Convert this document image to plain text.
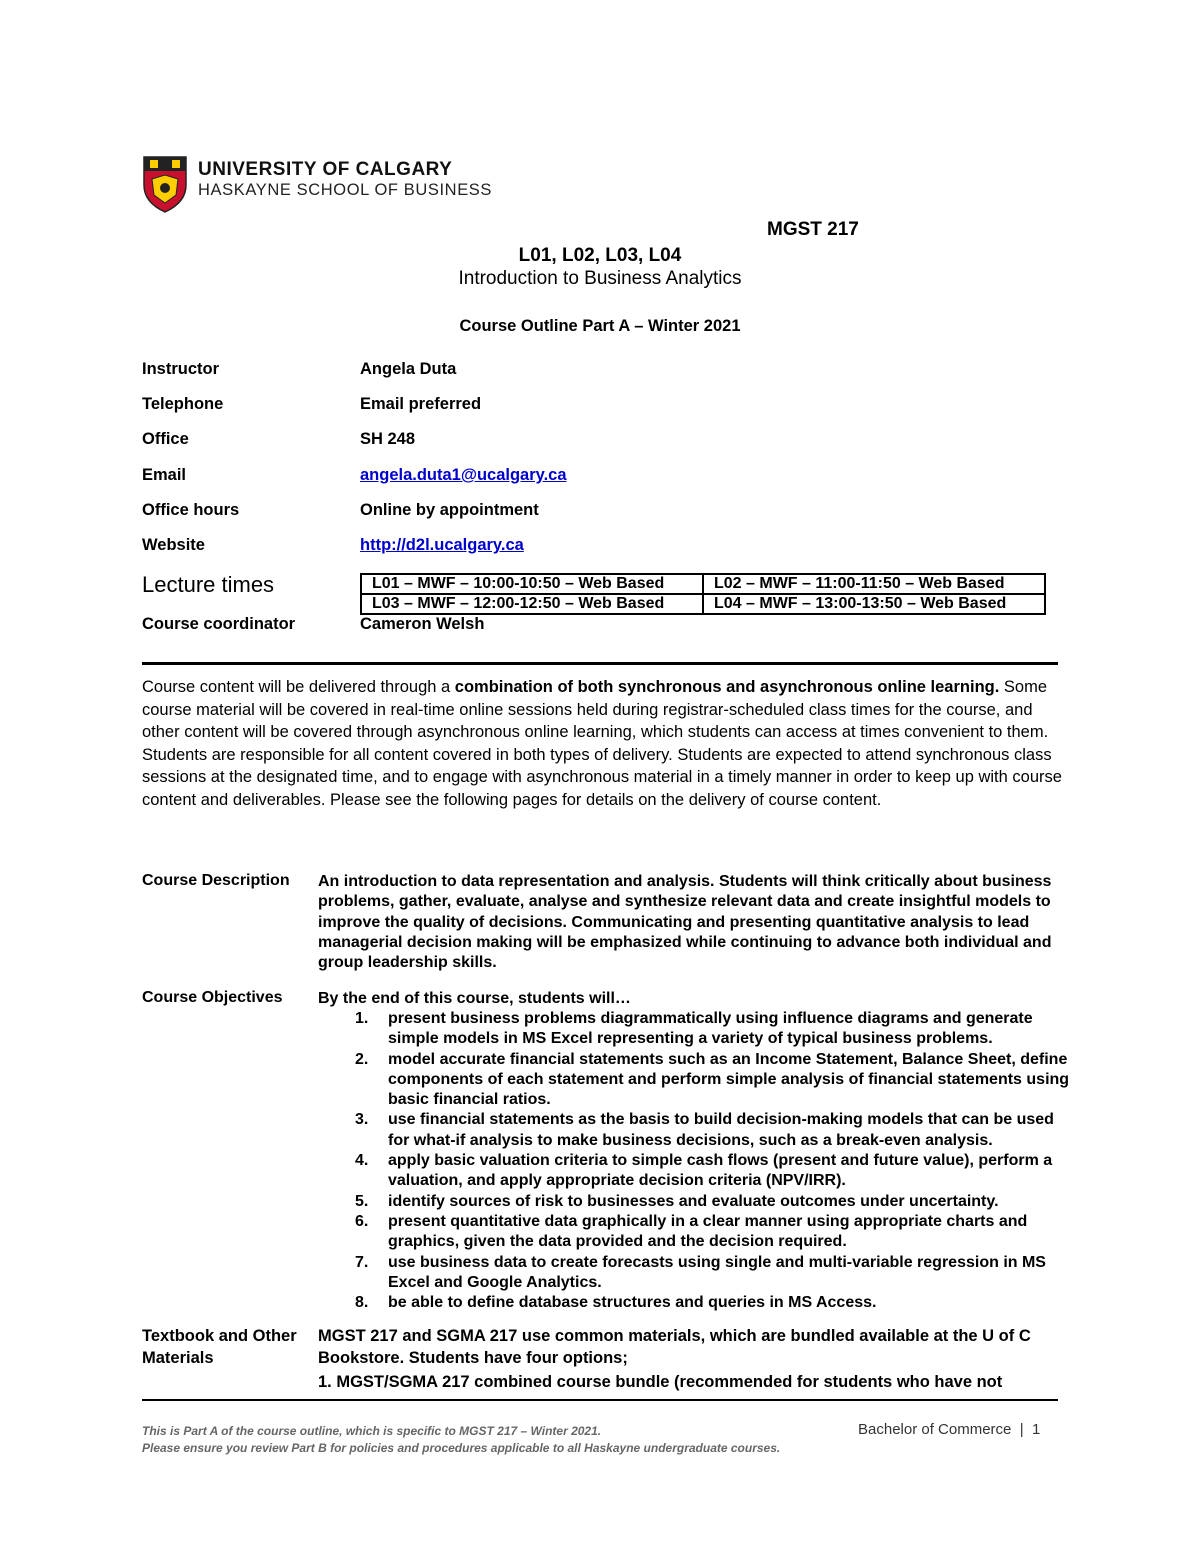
UNIVERSITY OF CALGARY
HASKAYNE SCHOOL OF BUSINESS
MGST 217
L01, L02, L03, L04
Introduction to Business Analytics
Course Outline Part A – Winter 2021
Instructor	Angela Duta
Telephone	Email preferred
Office	SH 248
Email	angela.duta1@ucalgary.ca
Office hours	Online by appointment
Website	http://d2l.ucalgary.ca
Lecture times	L01 – MWF – 10:00-10:50 – Web Based	L02 – MWF – 11:00-11:50 – Web Based
L03 – MWF – 12:00-12:50 – Web Based	L04 – MWF – 13:00-13:50 – Web Based
Course coordinator	Cameron Welsh
Course content will be delivered through a combination of both synchronous and asynchronous online learning. Some course material will be covered in real-time online sessions held during registrar-scheduled class times for the course, and other content will be covered through asynchronous online learning, which students can access at times convenient to them. Students are responsible for all content covered in both types of delivery. Students are expected to attend synchronous class sessions at the designated time, and to engage with asynchronous material in a timely manner in order to keep up with course content and deliverables. Please see the following pages for details on the delivery of course content.
Course Description An introduction to data representation and analysis. Students will think critically about business problems, gather, evaluate, analyse and synthesize relevant data and create insightful models to improve the quality of decisions. Communicating and presenting quantitative analysis to lead managerial decision making will be emphasized while continuing to advance both individual and group leadership skills.
Course Objectives By the end of this course, students will…
1. present business problems diagrammatically using influence diagrams and generate simple models in MS Excel representing a variety of typical business problems.
2. model accurate financial statements such as an Income Statement, Balance Sheet, define components of each statement and perform simple analysis of financial statements using basic financial ratios.
3. use financial statements as the basis to build decision-making models that can be used for what-if analysis to make business decisions, such as a break-even analysis.
4. apply basic valuation criteria to simple cash flows (present and future value), perform a valuation, and apply appropriate decision criteria (NPV/IRR).
5. identify sources of risk to businesses and evaluate outcomes under uncertainty.
6. present quantitative data graphically in a clear manner using appropriate charts and graphics, given the data provided and the decision required.
7. use business data to create forecasts using single and multi-variable regression in MS Excel and Google Analytics.
8. be able to define database structures and queries in MS Access.
Textbook and Other Materials
MGST 217 and SGMA 217 use common materials, which are bundled available at the U of C Bookstore. Students have four options;
1. MGST/SGMA 217 combined course bundle (recommended for students who have not
This is Part A of the course outline, which is specific to MGST 217 – Winter 2021.
Please ensure you review Part B for policies and procedures applicable to all Haskayne undergraduate courses.
Bachelor of Commerce  |  1
